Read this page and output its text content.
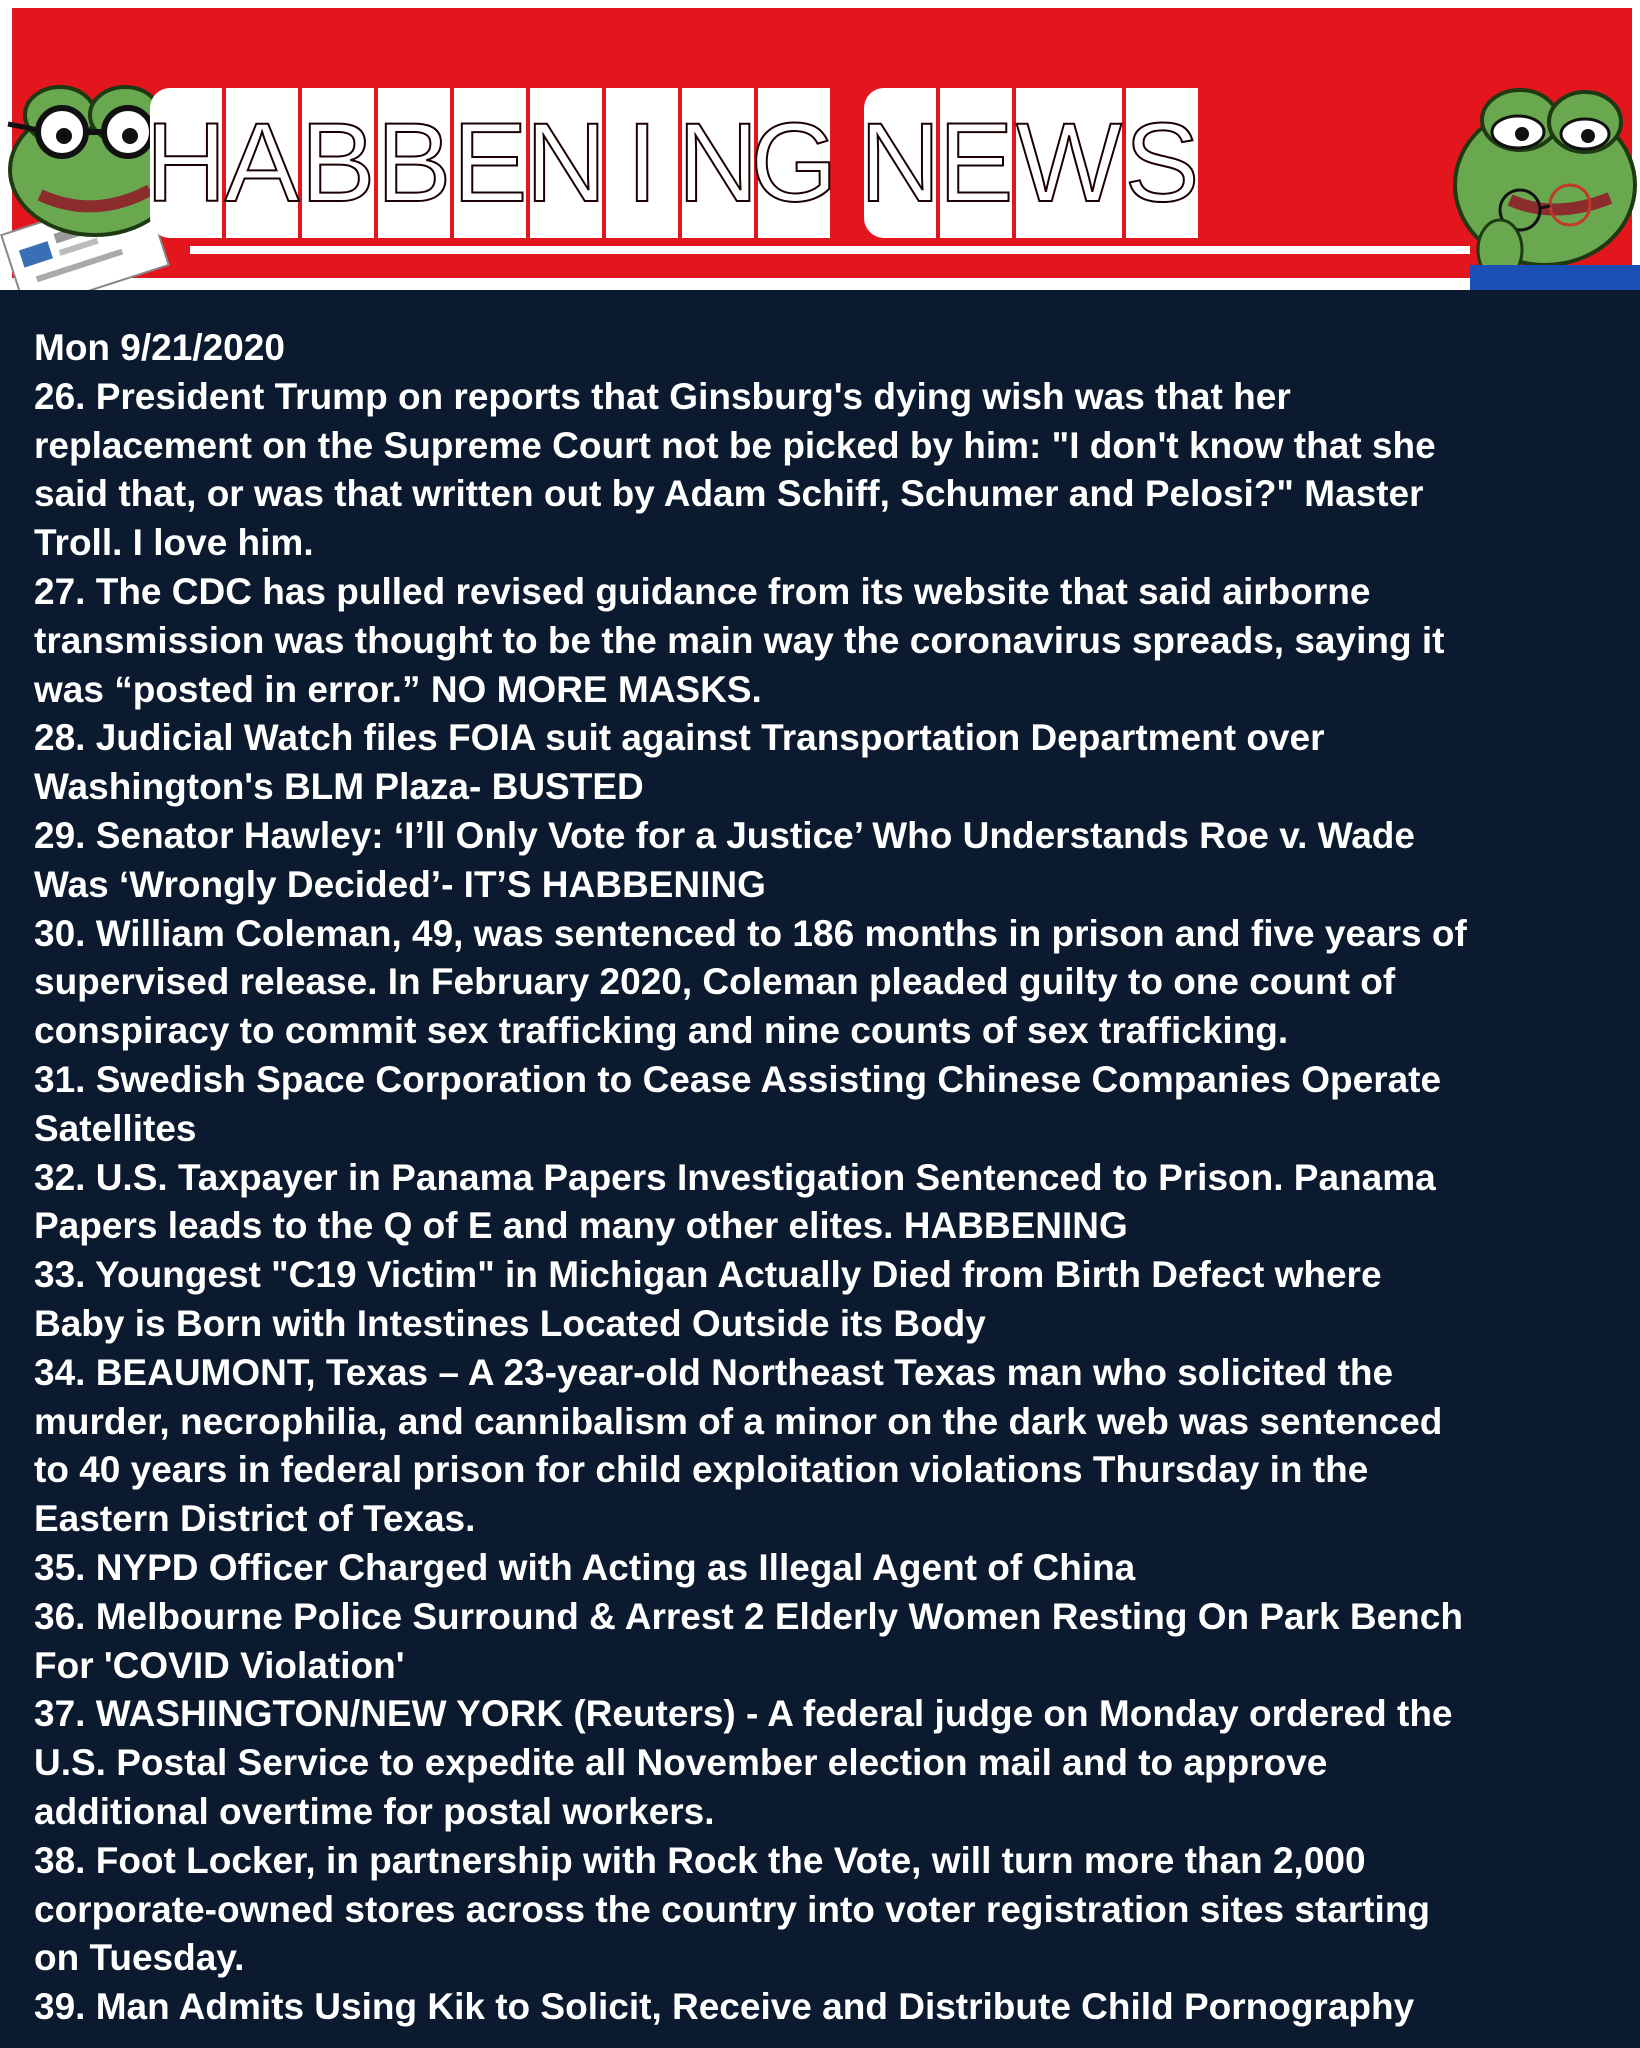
H
A B B E
N I N
G N
E W S
Mon 9/21/2020
26. President Trump on reports that Ginsburg's dying wish was that her
replacement on the Supreme Court not be picked by him: "I don't know that she
said that, or was that written out by Adam Schiff, Schumer and Pelosi?" Master
Troll. I love him.
27. The CDC has pulled revised guidance from its website that said airborne
transmission was thought to be the main way the coronavirus spreads, saying it
was “posted in error.” NO MORE MASKS.
28. Judicial Watch files FOIA suit against Transportation Department over
Washington's BLM Plaza- BUSTED
29. Senator Hawley: ‘I’ll Only Vote for a Justice’ Who Understands Roe v. Wade
Was ‘Wrongly Decided’- IT’S HABBENING
30. William Coleman, 49, was sentenced to 186 months in prison and five years of
supervised release. In February 2020, Coleman pleaded guilty to one count of
conspiracy to commit sex trafficking and nine counts of sex trafficking.
31. Swedish Space Corporation to Cease Assisting Chinese Companies Operate
Satellites
32. U.S. Taxpayer in Panama Papers Investigation Sentenced to Prison. Panama
Papers leads to the Q of E and many other elites. HABBENING
33. Youngest "C19 Victim" in Michigan Actually Died from Birth Defect where
Baby is Born with Intestines Located Outside its Body
34. BEAUMONT, Texas – A 23-year-old Northeast Texas man who solicited the
murder, necrophilia, and cannibalism of a minor on the dark web was sentenced
to 40 years in federal prison for child exploitation violations Thursday in the
Eastern District of Texas.
35. NYPD Officer Charged with Acting as Illegal Agent of China
36. Melbourne Police Surround & Arrest 2 Elderly Women Resting On Park Bench
For 'COVID Violation'
37. WASHINGTON/NEW YORK (Reuters) - A federal judge on Monday ordered the
U.S. Postal Service to expedite all November election mail and to approve
additional overtime for postal workers.
38. Foot Locker, in partnership with Rock the Vote, will turn more than 2,000
corporate-owned stores across the country into voter registration sites starting
on Tuesday.
39. Man Admits Using Kik to Solicit, Receive and Distribute Child Pornography
